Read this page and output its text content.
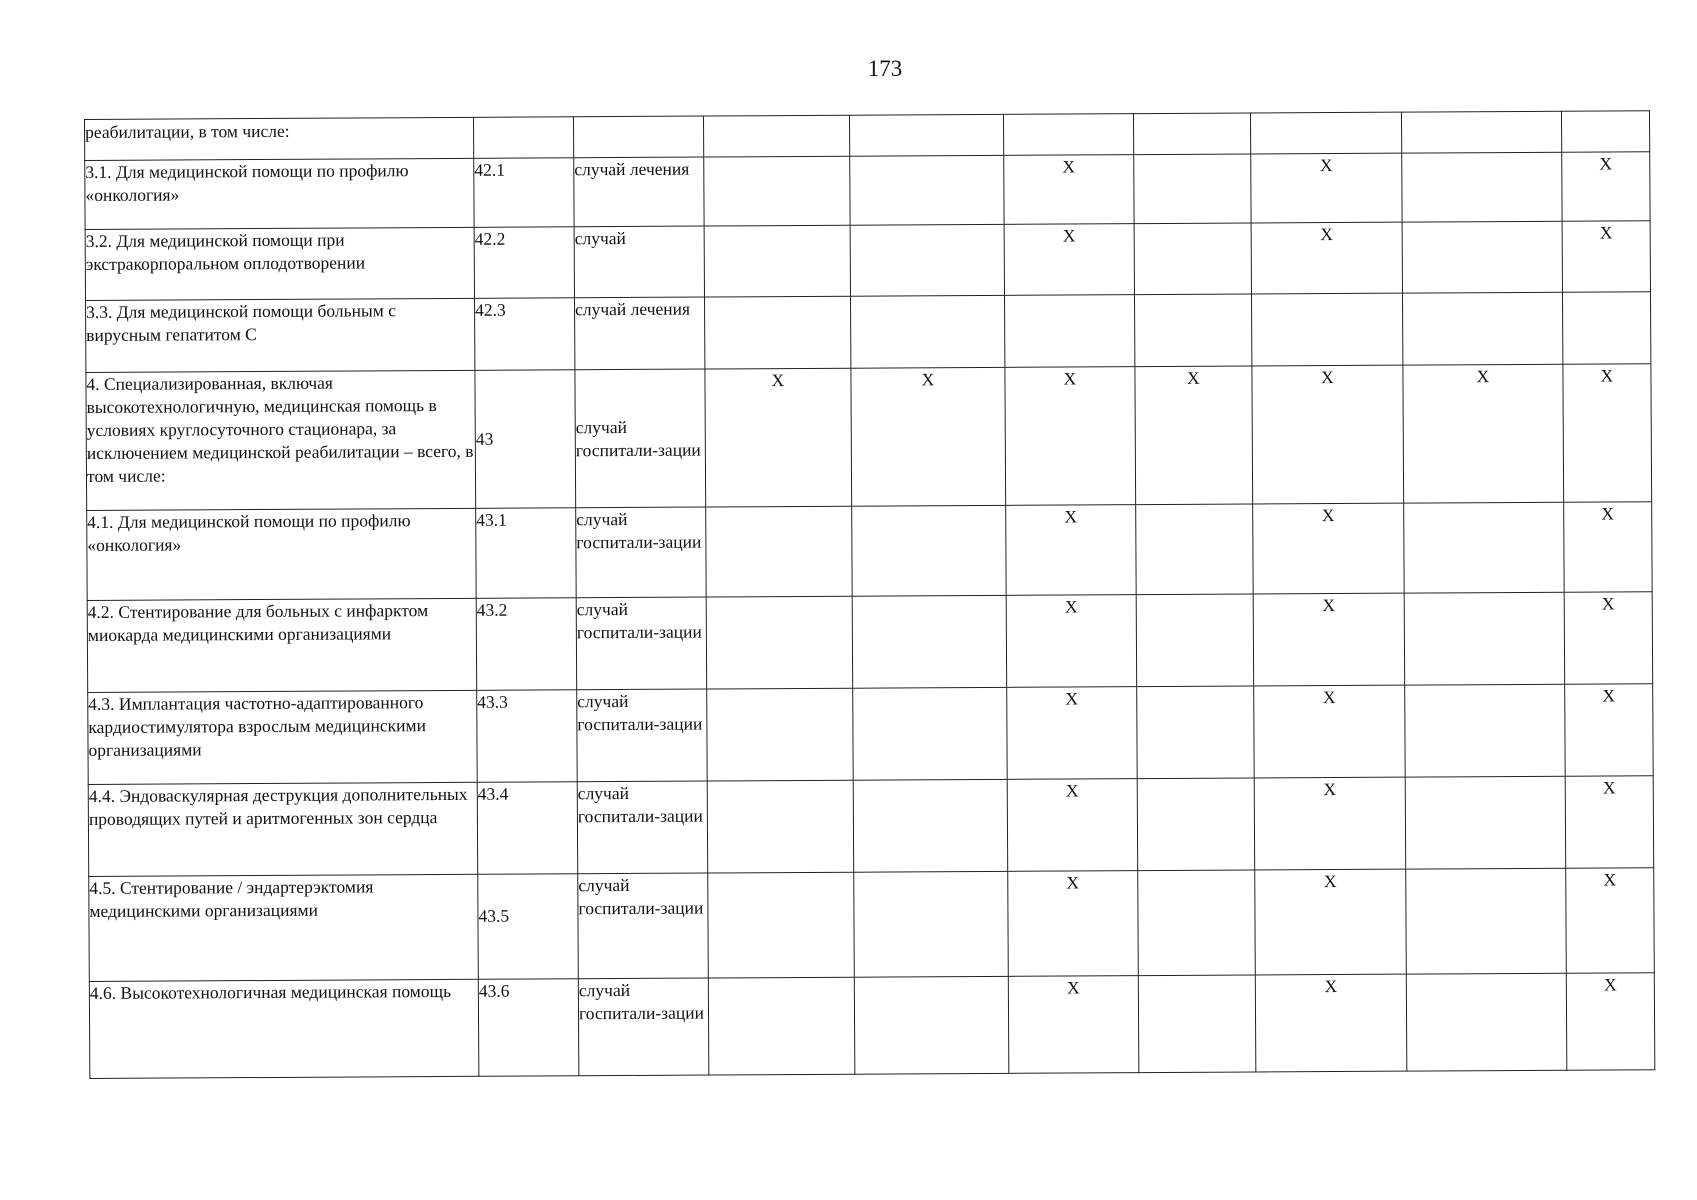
173
реабилитации, в том числе:									
3.1. Для медицинской помощи по профилю «онкология»	42.1	случай лечения			X		X		X
3.2. Для медицинской помощи при экстракорпоральном оплодотворении	42.2	случай			X		X		X
3.3. Для медицинской помощи больным с вирусным гепатитом С	42.3	случай лечения							
4. Специализированная, включая высокотехнологичную, медицинская помощь в условиях круглосуточного стационара, за исключением медицинской реабилитации – всего, в том числе:	43	случай госпитали-зации	X	X	X	X	X	X	X
4.1. Для медицинской помощи по профилю «онкология»	43.1	случай госпитали-зации			X		X		X
4.2. Стентирование для больных с инфарктом миокарда медицинскими организациями	43.2	случай госпитали-зации			X		X		X
4.3. Имплантация частотно-адаптированного кардиостимулятора взрослым медицинскими организациями	43.3	случай госпитали-зации			X		X		X
4.4. Эндоваскулярная деструкция дополнительных проводящих путей и аритмогенных зон сердца	43.4	случай госпитали-зации			X		X		X
4.5. Стентирование / эндартерэктомия медицинскими организациями	43.5	случай госпитали-зации			X		X		X
4.6. Высокотехнологичная медицинская помощь	43.6	случай госпитали-зации			X		X		X
